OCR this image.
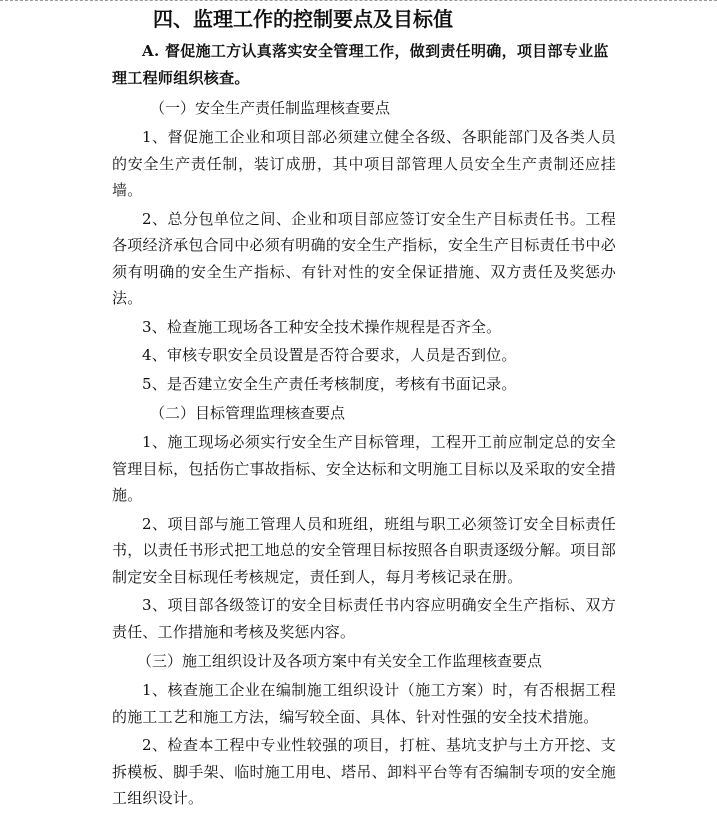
四、监理工作的控制要点及目标值

A. 督促施工方认真落实安全管理工作，做到责任明确，项目部专业监理工程师组织核查。

（一）安全生产责任制监理核查要点

1、督促施工企业和项目部必须建立健全各级、各职能部门及各类人员的安全生产责任制，装订成册，其中项目部管理人员安全生产责制还应挂墙。

2、总分包单位之间、企业和项目部应签订安全生产目标责任书。工程各项经济承包合同中必须有明确的安全生产指标，安全生产目标责任书中必须有明确的安全生产指标、有针对性的安全保证措施、双方责任及奖惩办法。

3、检查施工现场各工种安全技术操作规程是否齐全。

4、审核专职安全员设置是否符合要求，人员是否到位。

5、是否建立安全生产责任考核制度，考核有书面记录。

（二）目标管理监理核查要点

1、施工现场必须实行安全生产目标管理，工程开工前应制定总的安全管理目标，包括伤亡事故指标、安全达标和文明施工目标以及采取的安全措施。

2、项目部与施工管理人员和班组，班组与职工必须签订安全目标责任书，以责任书形式把工地总的安全管理目标按照各自职责逐级分解。项目部制定安全目标现任考核规定，责任到人，每月考核记录在册。

3、项目部各级签订的安全目标责任书内容应明确安全生产指标、双方责任、工作措施和考核及奖惩内容。

（三）施工组织设计及各项方案中有关安全工作监理核查要点

1、核查施工企业在编制施工组织设计（施工方案）时，有否根据工程的施工工艺和施工方法，编写较全面、具体、针对性强的安全技术措施。

2、检查本工程中专业性较强的项目，打桩、基坑支护与土方开挖、支拆模板、脚手架、临时施工用电、塔吊、卸料平台等有否编制专项的安全施工组织设计。
